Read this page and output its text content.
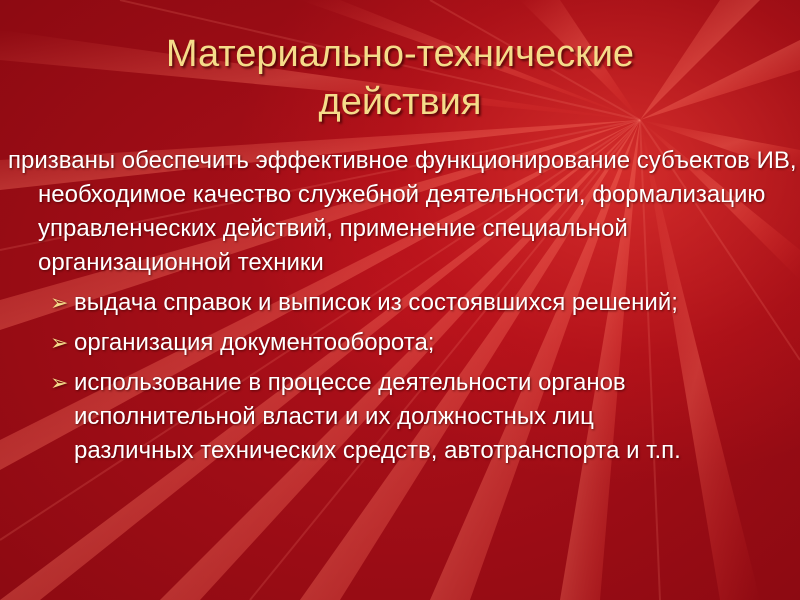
Материально-технические
действия

призваны обеспечить эффективное функционирование субъектов ИВ, необходимое качество служебной деятельности, формализацию управленческих действий, применение специальной организационной техники

➢ выдача справок и выписок из состоявшихся решений;
➢ организация документооборота;
➢ использование в процессе деятельности органов исполнительной власти и их должностных лиц различных технических средств, автотранспорта и т.п.
